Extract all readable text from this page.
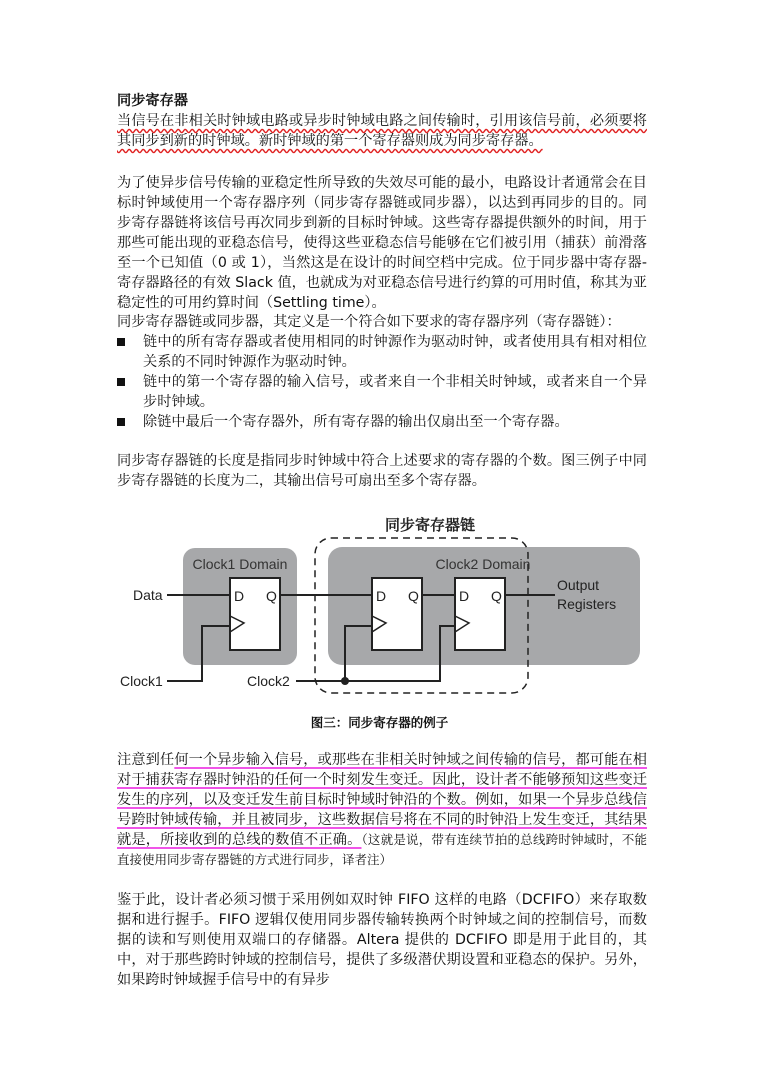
同步寄存器
当信号在非相关时钟域电路或异步时钟域电路之间传输时，引用该信号前，必须要将其同步到新的时钟域。新时钟域的第一个寄存器则成为同步寄存器。
为了使异步信号传输的亚稳定性所导致的失效尽可能的最小，电路设计者通常会在目标时钟域使用一个寄存器序列（同步寄存器链或同步器），以达到再同步的目的。同步寄存器链将该信号再次同步到新的目标时钟域。这些寄存器提供额外的时间，用于那些可能出现的亚稳态信号，使得这些亚稳态信号能够在它们被引用（捕获）前滑落至一个已知值（0 或 1），当然这是在设计的时间空档中完成。位于同步器中寄存器-寄存器路径的有效 Slack 值，也就成为对亚稳态信号进行约算的可用时值，称其为亚稳定性的可用约算时间（Settling time）。
同步寄存器链或同步器，其定义是一个符合如下要求的寄存器序列（寄存器链）：
链中的所有寄存器或者使用相同的时钟源作为驱动时钟，或者使用具有相对相位关系的不同时钟源作为驱动时钟。
链中的第一个寄存器的输入信号，或者来自一个非相关时钟域，或者来自一个异步时钟域。
除链中最后一个寄存器外，所有寄存器的输出仅扇出至一个寄存器。
同步寄存器链的长度是指同步时钟域中符合上述要求的寄存器的个数。图三例子中同步寄存器链的长度为二，其输出信号可扇出至多个寄存器。
同步寄存器链
Clock1 Domain	Clock2 Domain
D Q	D Q	D Q
Data
Clock1	Clock2
Output
Registers
图三：同步寄存器的例子
注意到任何一个异步输入信号，或那些在非相关时钟域之间传输的信号，都可能在相对于捕获寄存器时钟沿的任何一个时刻发生变迁。因此，设计者不能够预知这些变迁发生的序列，以及变迁发生前目标时钟域时钟沿的个数。例如，如果一个异步总线信号跨时钟域传输，并且被同步，这些数据信号将在不同的时钟沿上发生变迁，其结果就是，所接收到的总线的数值不正确。（这就是说，带有连续节拍的总线跨时钟域时，不能直接使用同步寄存器链的方式进行同步，译者注）
鉴于此，设计者必须习惯于采用例如双时钟 FIFO 这样的电路（DCFIFO）来存取数据和进行握手。FIFO 逻辑仅使用同步器传输转换两个时钟域之间的控制信号，而数据的读和写则使用双端口的存储器。Altera 提供的 DCFIFO 即是用于此目的，其中，对于那些跨时钟域的控制信号，提供了多级潜伏期设置和亚稳态的保护。另外，如果跨时钟域握手信号中的有异步
